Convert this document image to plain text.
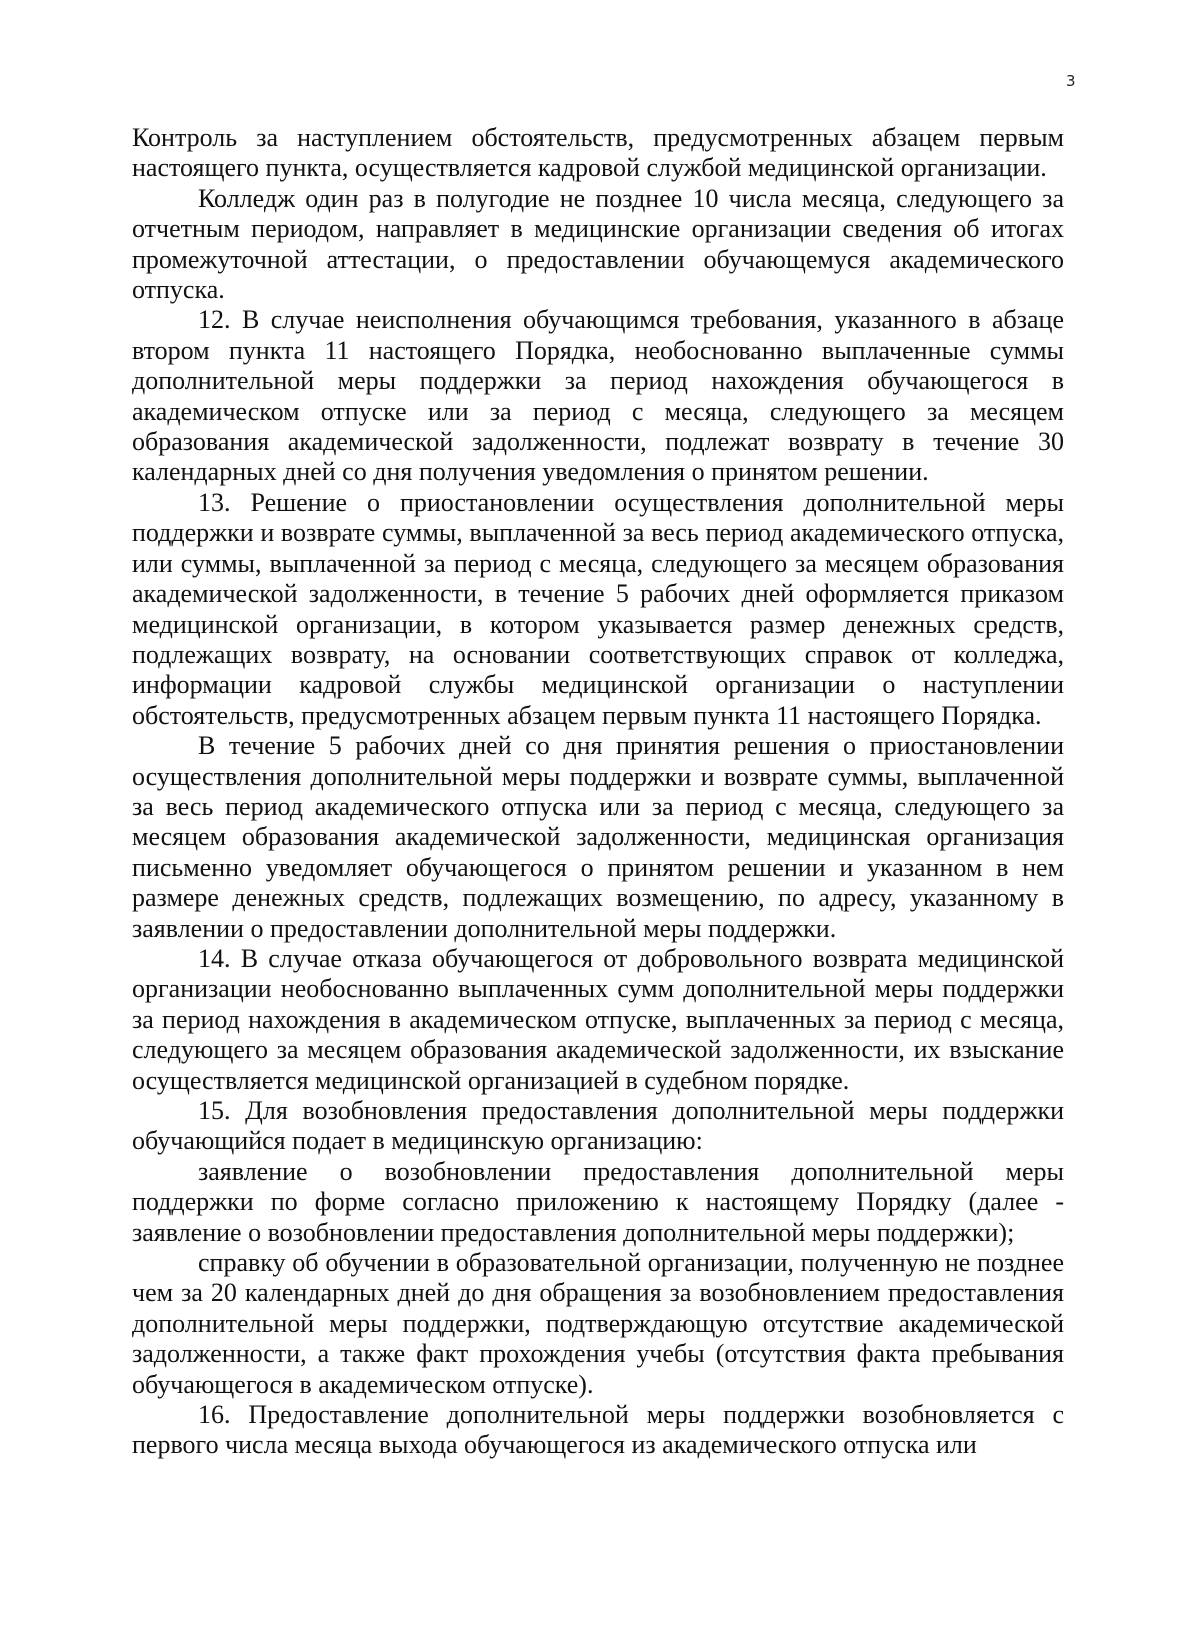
3

Контроль за наступлением обстоятельств, предусмотренных абзацем первым настоящего пункта, осуществляется кадровой службой медицинской организации.

Колледж один раз в полугодие не позднее 10 числа месяца, следующего за отчетным периодом, направляет в медицинские организации сведения об итогах промежуточной аттестации, о предоставлении обучающемуся академического отпуска.

12. В случае неисполнения обучающимся требования, указанного в абзаце втором пункта 11 настоящего Порядка, необоснованно выплаченные суммы дополнительной меры поддержки за период нахождения обучающегося в академическом отпуске или за период с месяца, следующего за месяцем образования академической задолженности, подлежат возврату в течение 30 календарных дней со дня получения уведомления о принятом решении.

13. Решение о приостановлении осуществления дополнительной меры поддержки и возврате суммы, выплаченной за весь период академического отпуска, или суммы, выплаченной за период с месяца, следующего за месяцем образования академической задолженности, в течение 5 рабочих дней оформляется приказом медицинской организации, в котором указывается размер денежных средств, подлежащих возврату, на основании соответствующих справок от колледжа, информации кадровой службы медицинской организации о наступлении обстоятельств, предусмотренных абзацем первым пункта 11 настоящего Порядка.

В течение 5 рабочих дней со дня принятия решения о приостановлении осуществления дополнительной меры поддержки и возврате суммы, выплаченной за весь период академического отпуска или за период с месяца, следующего за месяцем образования академической задолженности, медицинская организация письменно уведомляет обучающегося о принятом решении и указанном в нем размере денежных средств, подлежащих возмещению, по адресу, указанному в заявлении о предоставлении дополнительной меры поддержки.

14. В случае отказа обучающегося от добровольного возврата медицинской организации необоснованно выплаченных сумм дополнительной меры поддержки за период нахождения в академическом отпуске, выплаченных за период с месяца, следующего за месяцем образования академической задолженности, их взыскание осуществляется медицинской организацией в судебном порядке.

15. Для возобновления предоставления дополнительной меры поддержки обучающийся подает в медицинскую организацию:

заявление о возобновлении предоставления дополнительной меры поддержки по форме согласно приложению к настоящему Порядку (далее - заявление о возобновлении предоставления дополнительной меры поддержки);

справку об обучении в образовательной организации, полученную не позднее чем за 20 календарных дней до дня обращения за возобновлением предоставления дополнительной меры поддержки, подтверждающую отсутствие академической задолженности, а также факт прохождения учебы (отсутствия факта пребывания обучающегося в академическом отпуске).

16. Предоставление дополнительной меры поддержки возобновляется с первого числа месяца выхода обучающегося из академического отпуска или
